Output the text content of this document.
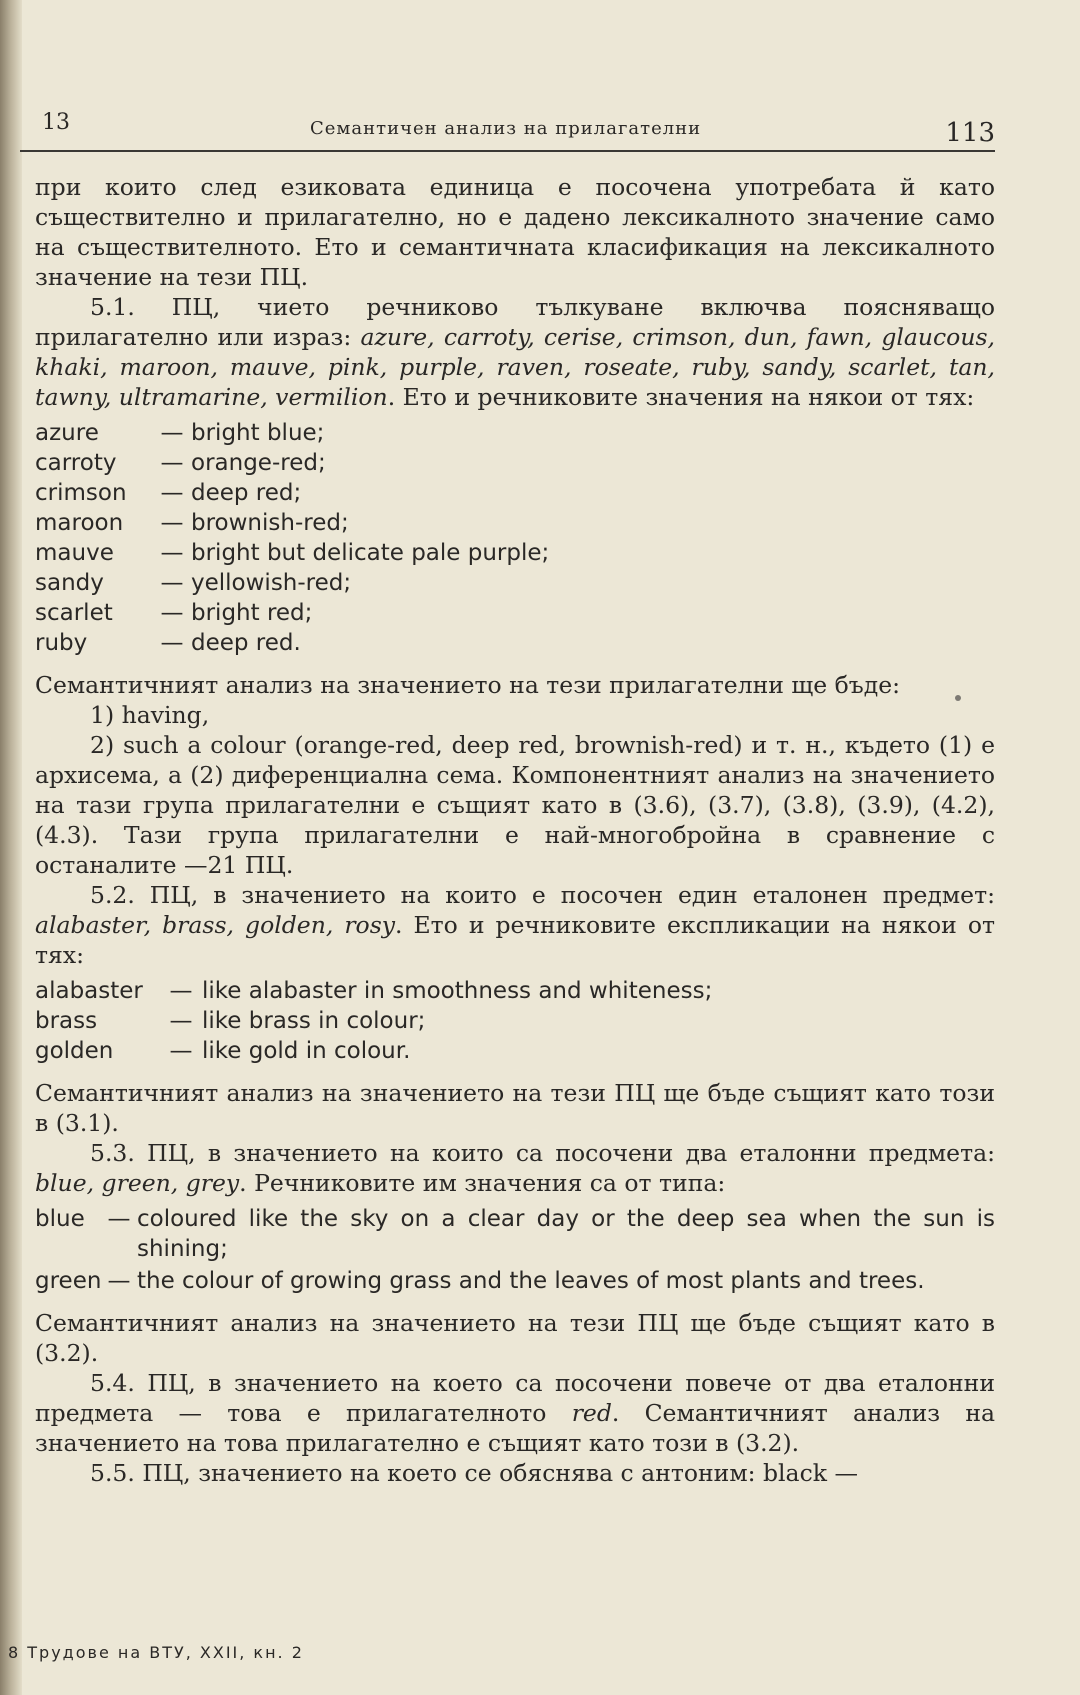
13	Семантичен анализ на прилагателни	113

при които след езиковата единица е посочена употребата й като съществително и прилагателно, но е дадено лексикалното значение само на съществителното. Ето и семантичната класификация на лексикалното значение на тези ПЦ.

5.1. ПЦ, чието речниково тълкуване включва пояcняващо прилагателно или израз: azure, carroty, cerise, crimson, dun, fawn, glaucous, khaki, maroon, mauve, pink, purple, raven, roseate, ruby, sandy, scarlet, tan, tawny, ultramarine, vermilion. Ето и речниковите значения на някои от тях:

azure	— bright blue;
carroty	— orange-red;
crimson	— deep red;
maroon	— brownish-red;
mauve	— bright but delicate pale purple;
sandy	— yellowish-red;
scarlet	— bright red;
ruby	— deep red.

Семантичният анализ на значението на тези прилагателни ще бъде:

1) having,

2) such a colour (orange-red, deep red, brownish-red) и т. н., където (1) е архисема, а (2) диференциална сема. Компонентният анализ на значението на тази група прилагателни е същият като в (3.6), (3.7), (3.8), (3.9), (4.2), (4.3). Тази група прилагателни е най-многобройна в сравнение с останалите —21 ПЦ.

5.2. ПЦ, в значението на които е посочен един еталонен предмет: alabaster, brass, golden, rosy. Ето и речниковите експликации на някои от тях:

alabaster	— like alabaster in smoothness and whiteness;
brass	— like brass in colour;
golden	— like gold in colour.

Семантичният анализ на значението на тези ПЦ ще бъде същият като този в (3.1).

5.3. ПЦ, в значението на които са посочени два еталонни предмета: blue, green, grey. Речниковите им значения са от типа:

blue — coloured like the sky on a clear day or the deep sea when the sun is shining;
green — the colour of growing grass and the leaves of most plants and trees.

Семантичният анализ на значението на тези ПЦ ще бъде същият като в (3.2).

5.4. ПЦ, в значението на което са посочени повече от два еталонни предмета — това е прилагателното red. Семантичният анализ на значението на това прилагателно е същият като този в (3.2).

5.5. ПЦ, значението на което се обяснява с антоним: black —

8 Трудове на ВТУ, XXII, кн. 2
